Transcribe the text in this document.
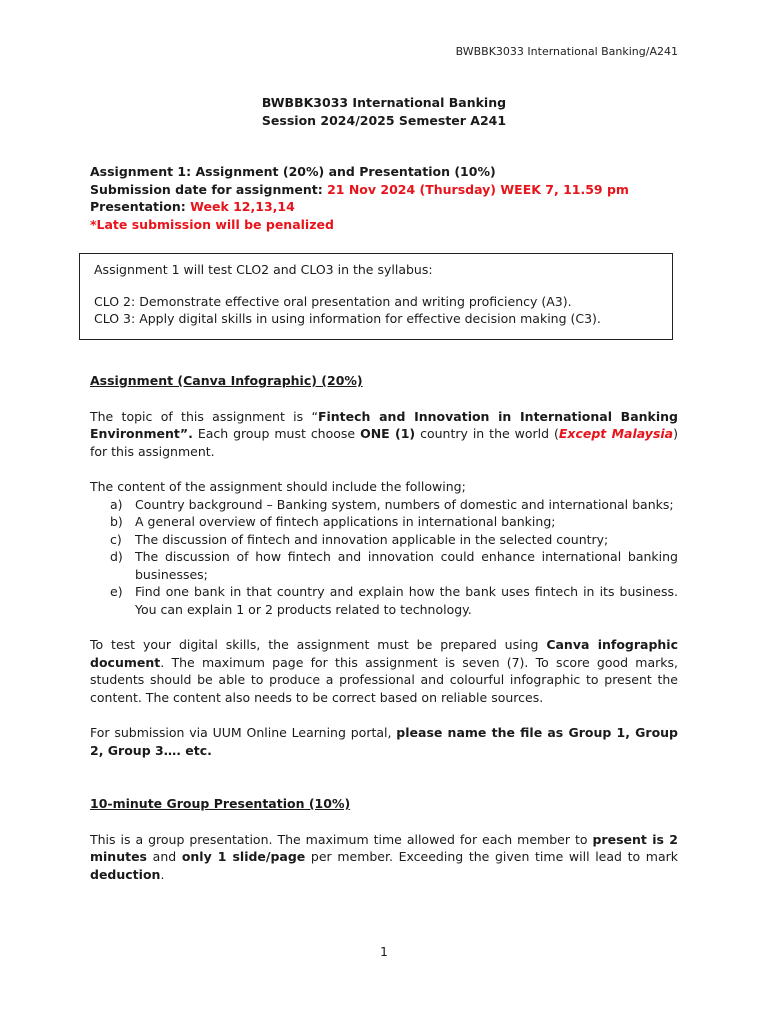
BWBBK3033 International Banking/A241
BWBBK3033 International Banking
Session 2024/2025 Semester A241
Assignment 1: Assignment (20%) and Presentation (10%)
Submission date for assignment: 21 Nov 2024 (Thursday) WEEK 7, 11.59 pm
Presentation: Week 12,13,14
*Late submission will be penalized

Assignment 1 will test CLO2 and CLO3 in the syllabus:

CLO 2: Demonstrate effective oral presentation and writing proficiency (A3).

CLO 3: Apply digital skills in using information for effective decision making (C3).

Assignment (Canva Infographic) (20%)

The topic of this assignment is “Fintech and Innovation in International Banking Environment”. Each group must choose ONE (1) country in the world (Except Malaysia) for this assignment.

The content of the assignment should include the following;

a) Country background – Banking system, numbers of domestic and international banks;
b) A general overview of fintech applications in international banking;
c)	The discussion of fintech and innovation applicable in the selected country;
d) The discussion of how fintech and innovation could enhance international banking businesses;
e) Find one bank in that country and explain how the bank uses fintech in its business. You can explain 1 or 2 products related to technology.

To test your digital skills, the assignment must be prepared using Canva infographic document. The maximum page for this assignment is seven (7). To score good marks, students should be able to produce a professional and colourful infographic to present the content. The content also needs to be correct based on reliable sources.

For submission via UUM Online Learning portal, please name the file as Group 1, Group 2, Group 3…. etc.

10-minute Group Presentation (10%)

This is a group presentation. The maximum time allowed for each member to present is 2 minutes and only 1 slide/page per member. Exceeding the given time will lead to mark deduction.

1
